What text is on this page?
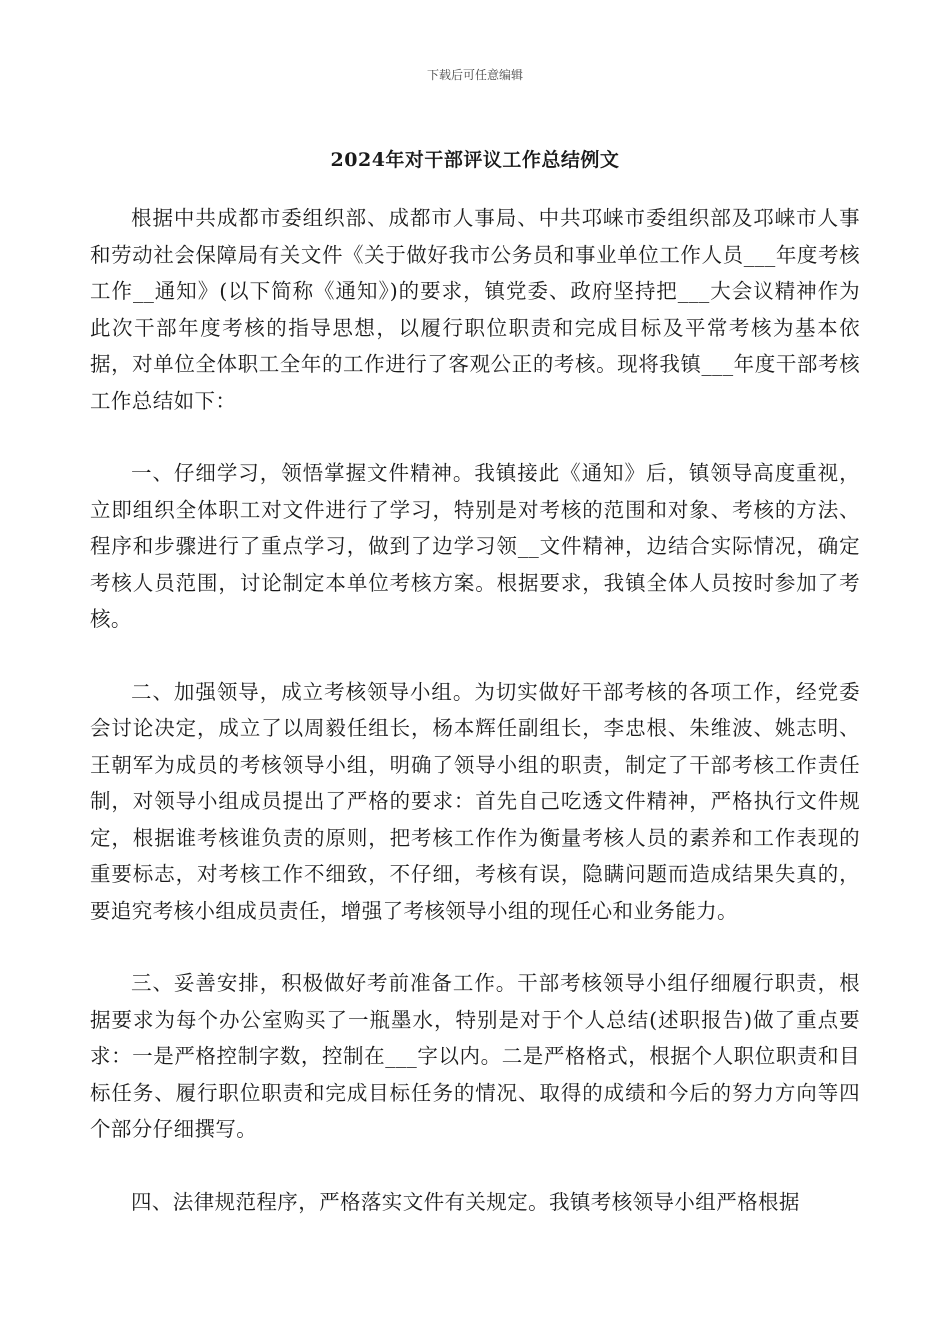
下载后可任意编辑
2024年对干部评议工作总结例文

根据中共成都市委组织部、成都市人事局、中共邛崃市委组织部及邛崃市人事和劳动社会保障局有关文件《关于做好我市公务员和事业单位工作人员___年度考核工作__通知》(以下简称《通知》)的要求，镇党委、政府坚持把___大会议精神作为此次干部年度考核的指导思想，以履行职位职责和完成目标及平常考核为基本依据，对单位全体职工全年的工作进行了客观公正的考核。现将我镇___年度干部考核工作总结如下：

一、仔细学习，领悟掌握文件精神。我镇接此《通知》后，镇领导高度重视，立即组织全体职工对文件进行了学习，特别是对考核的范围和对象、考核的方法、程序和步骤进行了重点学习，做到了边学习领__文件精神，边结合实际情况，确定考核人员范围，讨论制定本单位考核方案。根据要求，我镇全体人员按时参加了考核。

二、加强领导，成立考核领导小组。为切实做好干部考核的各项工作，经党委会讨论决定，成立了以周毅任组长，杨本辉任副组长，李忠根、朱维波、姚志明、王朝军为成员的考核领导小组，明确了领导小组的职责，制定了干部考核工作责任制，对领导小组成员提出了严格的要求：首先自己吃透文件精神，严格执行文件规定，根据谁考核谁负责的原则，把考核工作作为衡量考核人员的素养和工作表现的重要标志，对考核工作不细致，不仔细，考核有误，隐瞒问题而造成结果失真的，要追究考核小组成员责任，增强了考核领导小组的现任心和业务能力。

三、妥善安排，积极做好考前准备工作。干部考核领导小组仔细履行职责，根据要求为每个办公室购买了一瓶墨水，特别是对于个人总结(述职报告)做了重点要求：一是严格控制字数，控制在___字以内。二是严格格式，根据个人职位职责和目标任务、履行职位职责和完成目标任务的情况、取得的成绩和今后的努力方向等四个部分仔细撰写。

四、法律规范程序，严格落实文件有关规定。我镇考核领导小组严格根据
